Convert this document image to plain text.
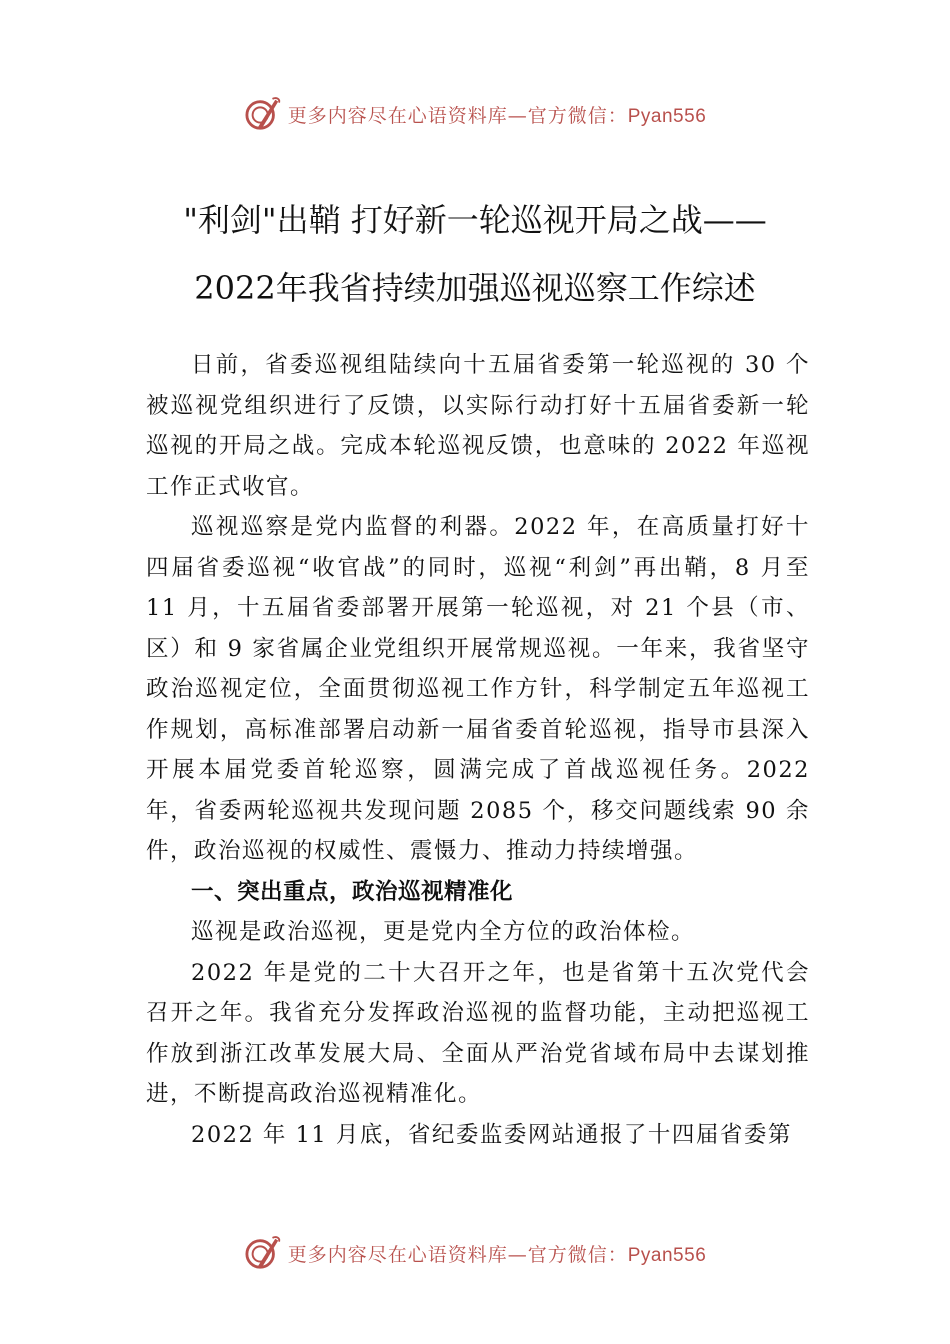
更多内容尽在心语资料库—官方微信：Pyan556
"利剑"出鞘 打好新一轮巡视开局之战——
2022年我省持续加强巡视巡察工作综述

日前，省委巡视组陆续向十五届省委第一轮巡视的 30 个被巡视党组织进行了反馈，以实际行动打好十五届省委新一轮巡视的开局之战。完成本轮巡视反馈，也意味的 2022 年巡视工作正式收官。

巡视巡察是党内监督的利器。2022 年，在高质量打好十四届省委巡视“收官战”的同时，巡视“利剑”再出鞘，8 月至 11 月，十五届省委部署开展第一轮巡视，对 21 个县（市、区）和 9 家省属企业党组织开展常规巡视。一年来，我省坚守政治巡视定位，全面贯彻巡视工作方针，科学制定五年巡视工作规划，高标准部署启动新一届省委首轮巡视，指导市县深入开展本届党委首轮巡察，圆满完成了首战巡视任务。2022 年，省委两轮巡视共发现问题 2085 个，移交问题线索 90 余件，政治巡视的权威性、震慑力、推动力持续增强。

一、突出重点，政治巡视精准化

巡视是政治巡视，更是党内全方位的政治体检。

2022 年是党的二十大召开之年，也是省第十五次党代会召开之年。我省充分发挥政治巡视的监督功能，主动把巡视工作放到浙江改革发展大局、全面从严治党省域布局中去谋划推进，不断提高政治巡视精准化。

2022 年 11 月底，省纪委监委网站通报了十四届省委第

更多内容尽在心语资料库—官方微信：Pyan556
